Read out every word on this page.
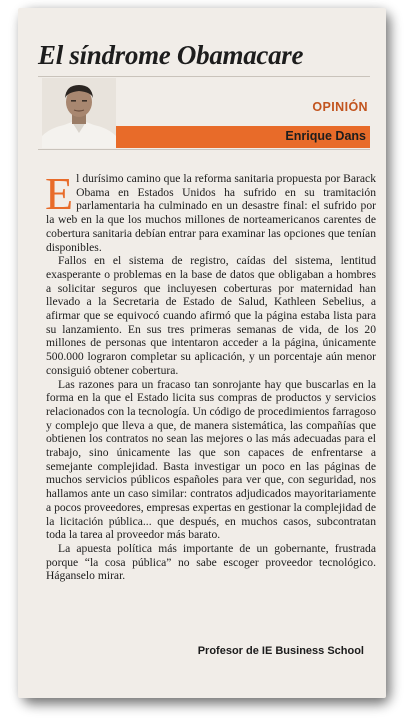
El síndrome Obamacare
OPINIÓN
Enrique Dans

El durísimo camino que la reforma sanitaria propuesta por Barack Obama en Estados Unidos ha sufrido en su tramitación parlamentaria ha culminado en un desastre final: el sufrido por la web en la que los muchos millones de norteamericanos carentes de cobertura sanitaria debían entrar para examinar las opciones que tenían disponibles.

Fallos en el sistema de registro, caídas del sistema, lentitud exasperante o problemas en la base de datos que obligaban a hombres a solicitar seguros que incluyesen coberturas por maternidad han llevado a la Secretaria de Estado de Salud, Kathleen Sebelius, a afirmar que se equivocó cuando afirmó que la página estaba lista para su lanzamiento. En sus tres primeras semanas de vida, de los 20 millones de personas que intentaron acceder a la página, únicamente 500.000 lograron completar su aplicación, y un porcentaje aún menor consiguió obtener cobertura.

Las razones para un fracaso tan sonrojante hay que buscarlas en la forma en la que el Estado licita sus compras de productos y servicios relacionados con la tecnología. Un código de procedimientos farragoso y complejo que lleva a que, de manera sistemática, las compañías que obtienen los contratos no sean las mejores o las más adecuadas para el trabajo, sino únicamente las que son capaces de enfrentarse a semejante complejidad. Basta investigar un poco en las páginas de muchos servicios públicos españoles para ver que, con seguridad, nos hallamos ante un caso similar: contratos adjudicados mayoritariamente a pocos proveedores, empresas expertas en gestionar la complejidad de la licitación pública... que después, en muchos casos, subcontratan toda la tarea al proveedor más barato.

La apuesta política más importante de un gobernante, frustrada porque “la cosa pública” no sabe escoger proveedor tecnológico. Háganselo mirar.

Profesor de IE Business School
